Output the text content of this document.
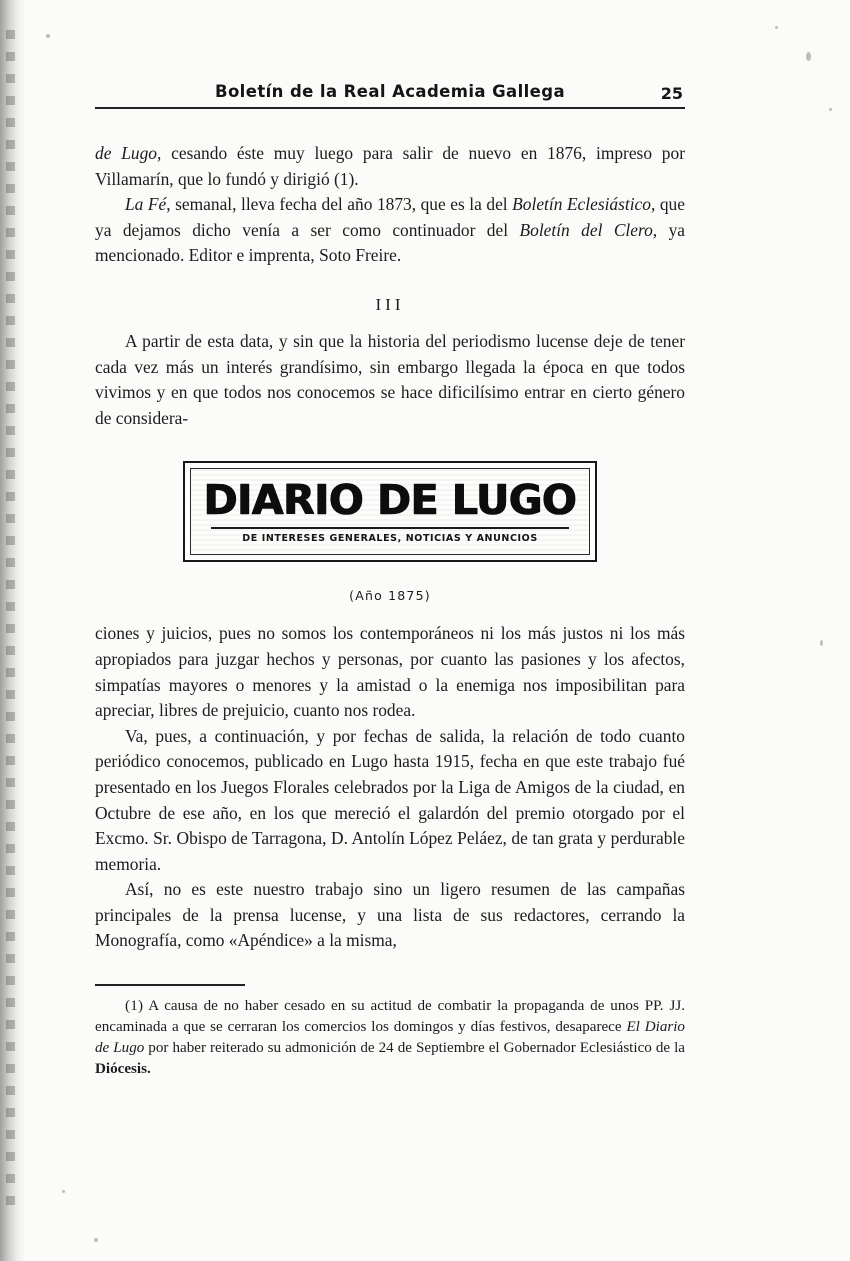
Boletín de la Real Academia Gallega	25

de Lugo, cesando éste muy luego para salir de nuevo en 1876, impreso por Villamarín, que lo fundó y dirigió (1).

La Fé, semanal, lleva fecha del año 1873, que es la del Boletín Eclesiástico, que ya dejamos dicho venía a ser como continuador del Boletín del Clero, ya mencionado. Editor e imprenta, Soto Freire.

III

A partir de esta data, y sin que la historia del periodismo lucense deje de tener cada vez más un interés grandísimo, sin embargo llegada la época en que todos vivimos y en que todos nos conocemos se hace dificilísimo entrar en cierto género de considera-

DIARIO DE LUGO
DE INTERESES GENERALES, NOTICIAS Y ANUNCIOS
(Año 1875)

ciones y juicios, pues no somos los contemporáneos ni los más justos ni los más apropiados para juzgar hechos y personas, por cuanto las pasiones y los afectos, simpatías mayores o menores y la amistad o la enemiga nos imposibilitan para apreciar, libres de prejuicio, cuanto nos rodea.

Va, pues, a continuación, y por fechas de salida, la relación de todo cuanto periódico conocemos, publicado en Lugo hasta 1915, fecha en que este trabajo fué presentado en los Juegos Florales celebrados por la Liga de Amigos de la ciudad, en Octubre de ese año, en los que mereció el galardón del premio otorgado por el Excmo. Sr. Obispo de Tarragona, D. Antolín López Peláez, de tan grata y perdurable memoria.

Así, no es este nuestro trabajo sino un ligero resumen de las campañas principales de la prensa lucense, y una lista de sus redactores, cerrando la Monografía, como «Apéndice» a la misma,

(1) A causa de no haber cesado en su actitud de combatir la propaganda de unos PP. JJ. encaminada a que se cerraran los comercios los domingos y días festivos, desaparece El Diario de Lugo por haber reiterado su admonición de 24 de Septiembre el Gobernador Eclesiástico de la Diócesis.
